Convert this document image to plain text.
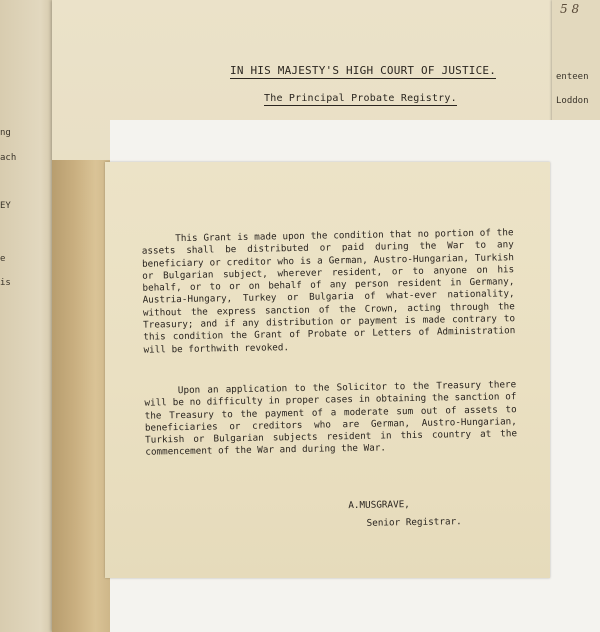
ng
ach
EY
e
is
IN HIS MAJESTY'S HIGH COURT OF JUSTICE.
The Principal Probate Registry.
5 8
enteen
Loddon
This Grant is made upon the condition that no portion of the assets shall be distributed or paid during the War to any beneficiary or creditor who is a German, Austro-Hungarian, Turkish or Bulgarian subject, wherever resident, or to anyone on his behalf, or to or on behalf of any person resident in Germany, Austria-Hungary, Turkey or Bulgaria of what-ever nationality, without the express sanction of the Crown, acting through the Treasury; and if any distribution or payment is made contrary to this condition the Grant of Probate or Letters of Administration will be forthwith revoked.
Upon an application to the Solicitor to the Treasury there will be no difficulty in proper cases in obtaining the sanction of the Treasury to the payment of a moderate sum out of assets to beneficiaries or creditors who are German, Austro-Hungarian, Turkish or Bulgarian subjects resident in this country at the commencement of the War and during the War.
A.MUSGRAVE,
Senior Registrar.
